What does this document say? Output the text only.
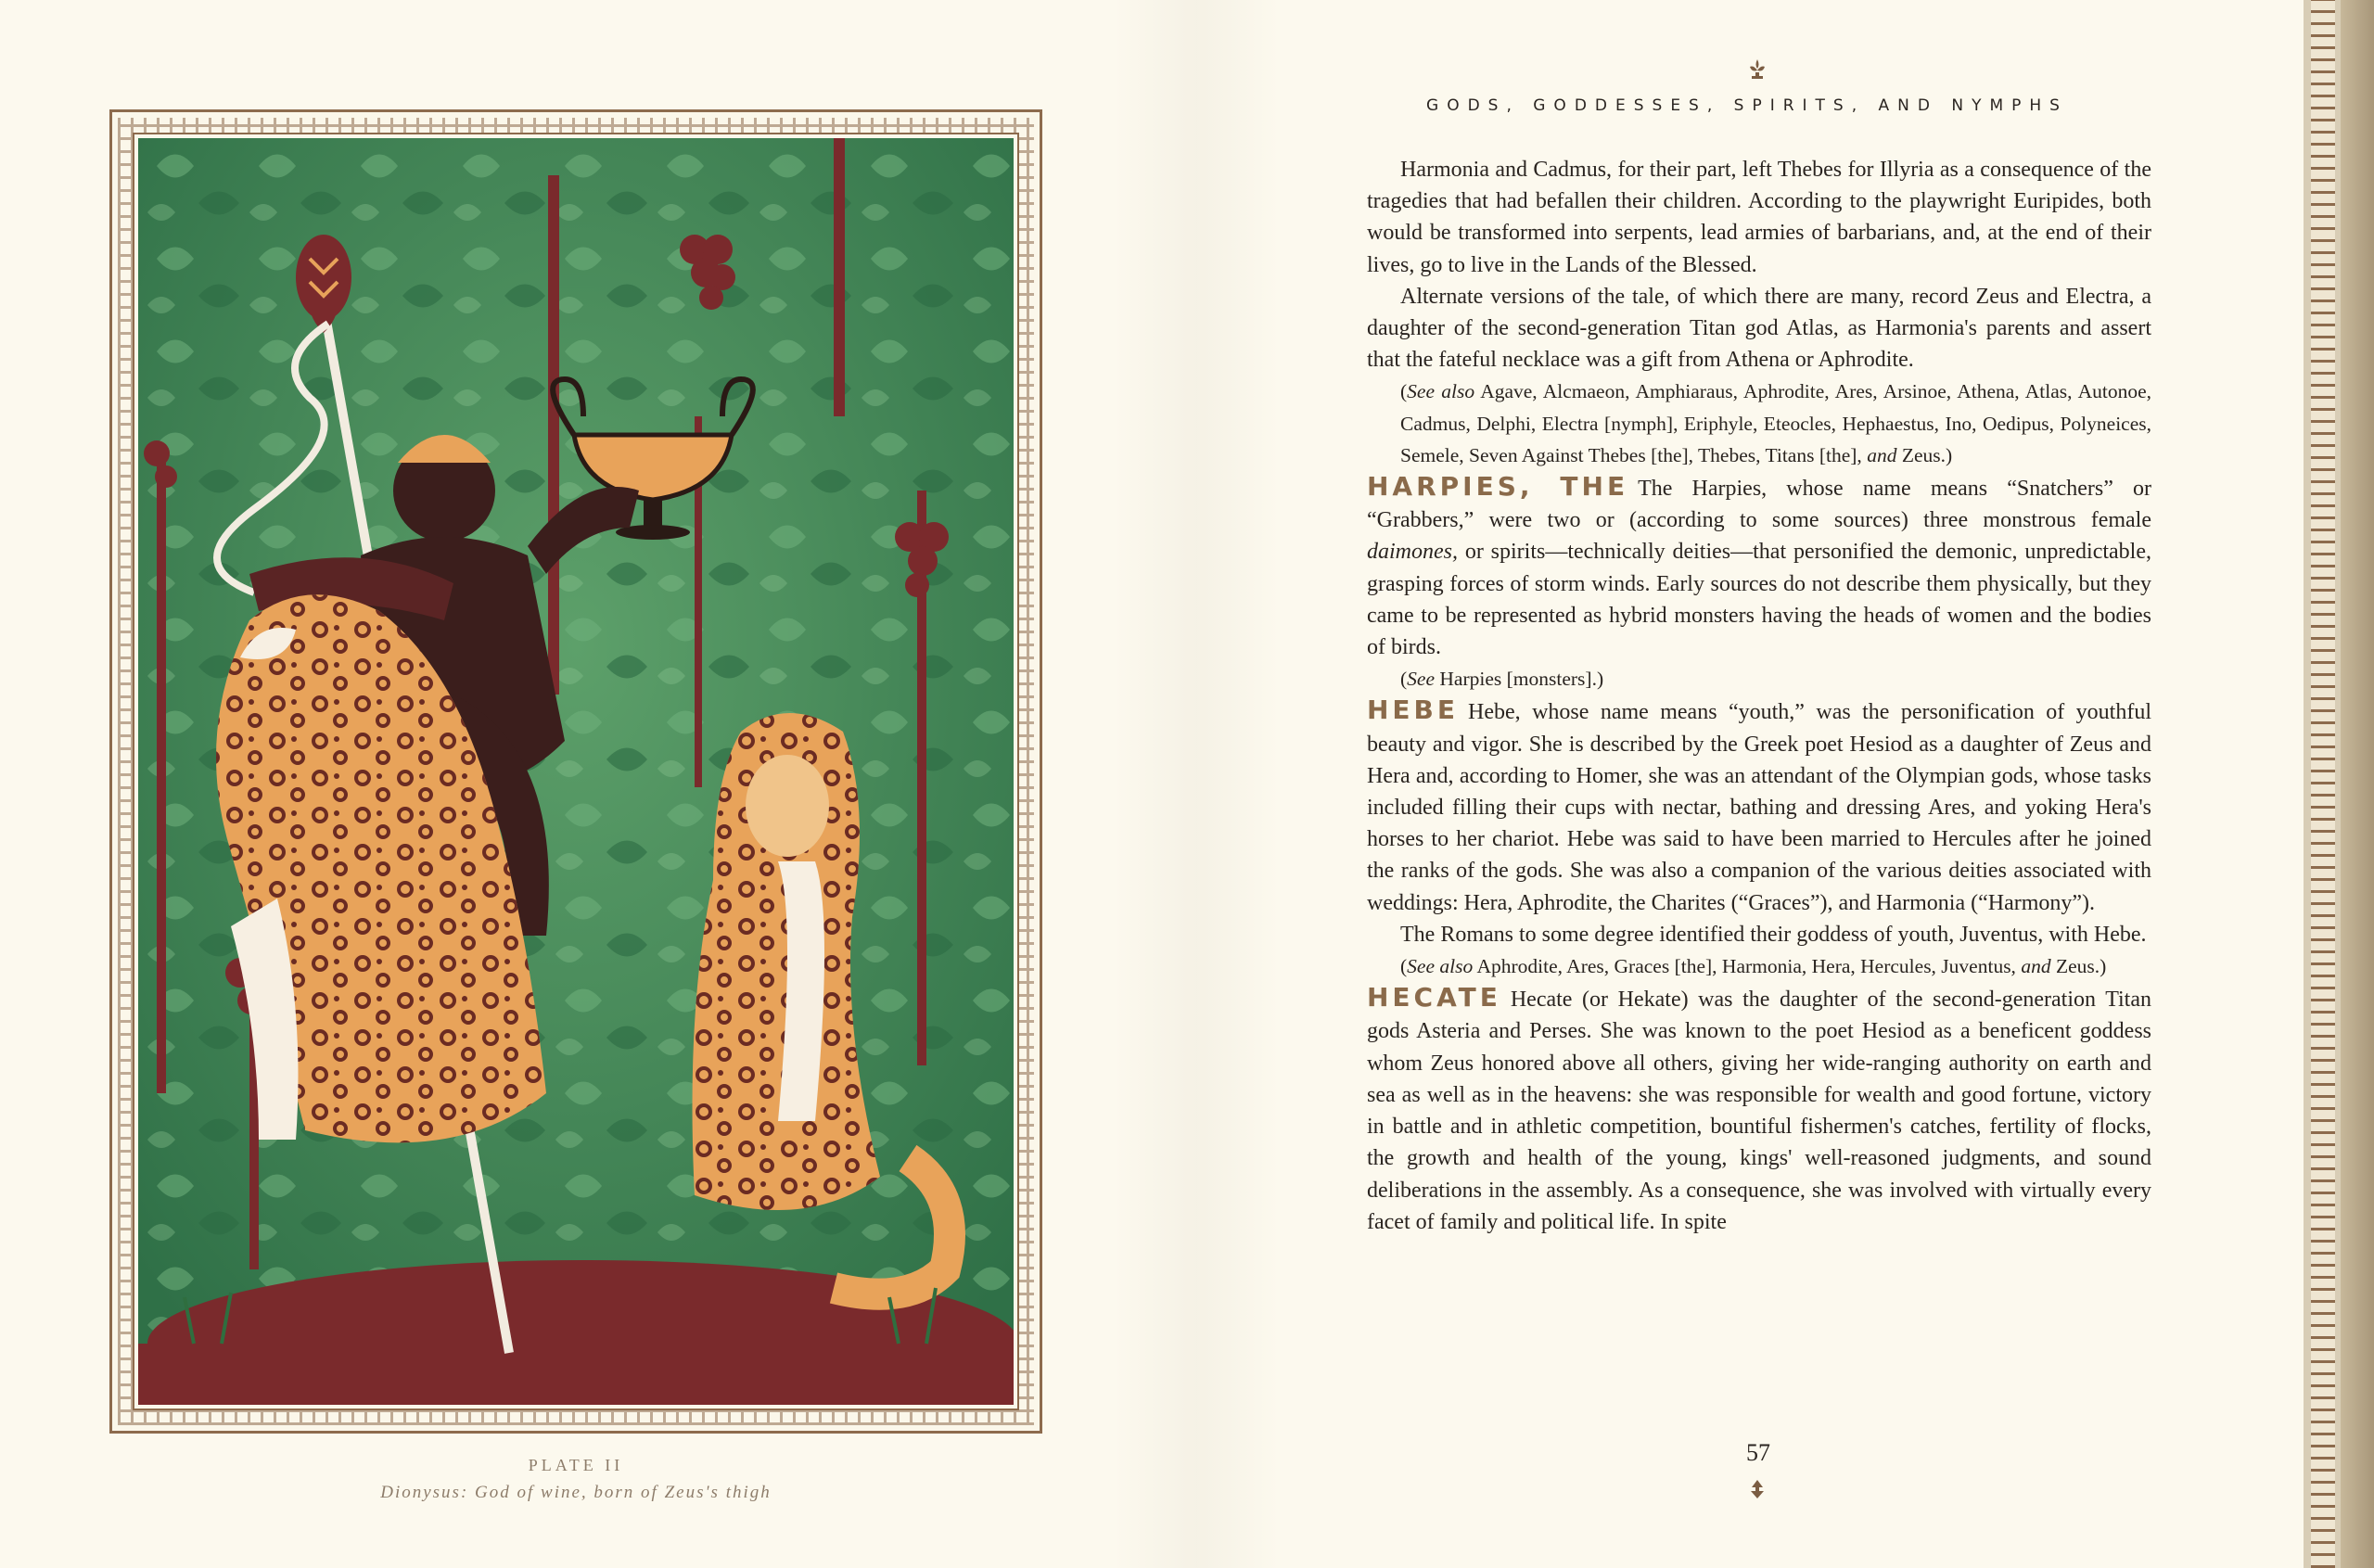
PLATE II
Dionysus: God of wine, born of Zeus's thigh
GODS, GODDESSES, SPIRITS, AND NYMPHS

Harmonia and Cadmus, for their part, left Thebes for Illyria as a consequence of the tragedies that had befallen their children. According to the playwright Euripides, both would be transformed into serpents, lead armies of barbarians, and, at the end of their lives, go to live in the Lands of the Blessed.

Alternate versions of the tale, of which there are many, record Zeus and Electra, a daughter of the second-generation Titan god Atlas, as Harmonia's parents and assert that the fateful necklace was a gift from Athena or Aphrodite.

(See also Agave, Alcmaeon, Amphiaraus, Aphrodite, Ares, Arsinoe, Athena, Atlas, Autonoe, Cadmus, Delphi, Electra [nymph], Eriphyle, Eteocles, Hephaestus, Ino, Oedipus, Polyneices, Semele, Seven Against Thebes [the], Thebes, Titans [the], and Zeus.)

HARPIES, THE The Harpies, whose name means “Snatchers” or “Grabbers,” were two or (according to some sources) three monstrous female daimones, or spirits—technically deities—that personified the demonic, unpredictable, grasping forces of storm winds. Early sources do not describe them physically, but they came to be represented as hybrid monsters having the heads of women and the bodies of birds.

(See Harpies [monsters].)

HEBE Hebe, whose name means “youth,” was the personification of youthful beauty and vigor. She is described by the Greek poet Hesiod as a daughter of Zeus and Hera and, according to Homer, she was an attendant of the Olympian gods, whose tasks included filling their cups with nectar, bathing and dressing Ares, and yoking Hera's horses to her chariot. Hebe was said to have been married to Hercules after he joined the ranks of the gods. She was also a companion of the various deities associated with weddings: Hera, Aphrodite, the Charites (“Graces”), and Harmonia (“Harmony”).

The Romans to some degree identified their goddess of youth, Juventus, with Hebe.

(See also Aphrodite, Ares, Graces [the], Harmonia, Hera, Hercules, Juventus, and Zeus.)

HECATE Hecate (or Hekate) was the daughter of the second-generation Titan gods Asteria and Perses. She was known to the poet Hesiod as a beneficent goddess whom Zeus honored above all others, giving her wide-ranging authority on earth and sea as well as in the heavens: she was responsible for wealth and good fortune, victory in battle and in athletic competition, bountiful fishermen's catches, fertility of flocks, the growth and health of the young, kings' well-reasoned judgments, and sound deliberations in the assembly. As a consequence, she was involved with virtually every facet of family and political life. In spite

57
